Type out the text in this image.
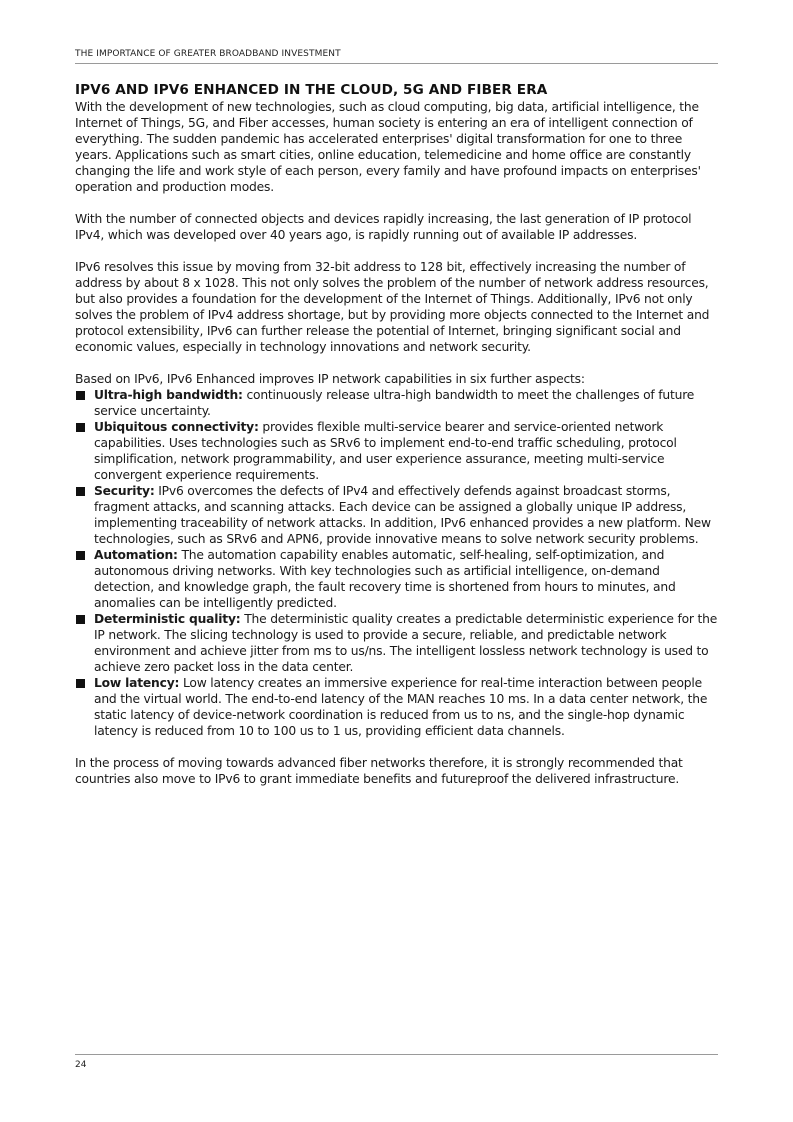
THE IMPORTANCE OF GREATER BROADBAND INVESTMENT
IPV6 AND IPV6 ENHANCED IN THE CLOUD, 5G AND FIBER ERA

With the development of new technologies, such as cloud computing, big data, artificial intelligence, the Internet of Things, 5G, and Fiber accesses, human society is entering an era of intelligent connection of everything. The sudden pandemic has accelerated enterprises' digital transformation for one to three years. Applications such as smart cities, online education, telemedicine and home office are constantly changing the life and work style of each person, every family and have profound impacts on enterprises' operation and production modes.

With the number of connected objects and devices rapidly increasing, the last generation of IP protocol IPv4, which was developed over 40 years ago, is rapidly running out of available IP addresses.

IPv6 resolves this issue by moving from 32-bit address to 128 bit, effectively increasing the number of address by about 8 x 1028. This not only solves the problem of the number of network address resources, but also provides a foundation for the development of the Internet of Things. Additionally, IPv6 not only solves the problem of IPv4 address shortage, but by providing more objects connected to the Internet and protocol extensibility, IPv6 can further release the potential of Internet, bringing significant social and economic values, especially in technology innovations and network security.

Based on IPv6, IPv6 Enhanced improves IP network capabilities in six further aspects:

Ultra-high bandwidth: continuously release ultra-high bandwidth to meet the challenges of future service uncertainty.
Ubiquitous connectivity: provides flexible multi-service bearer and service-oriented network capabilities. Uses technologies such as SRv6 to implement end-to-end traffic scheduling, protocol simplification, network programmability, and user experience assurance, meeting multi-service convergent experience requirements.
Security: IPv6 overcomes the defects of IPv4 and effectively defends against broadcast storms, fragment attacks, and scanning attacks. Each device can be assigned a globally unique IP address, implementing traceability of network attacks. In addition, IPv6 enhanced provides a new platform. New technologies, such as SRv6 and APN6, provide innovative means to solve network security problems.
Automation: The automation capability enables automatic, self-healing, self-optimization, and autonomous driving networks. With key technologies such as artificial intelligence, on-demand detection, and knowledge graph, the fault recovery time is shortened from hours to minutes, and anomalies can be intelligently predicted.
Deterministic quality: The deterministic quality creates a predictable deterministic experience for the IP network. The slicing technology is used to provide a secure, reliable, and predictable network environment and achieve jitter from ms to us/ns. The intelligent lossless network technology is used to achieve zero packet loss in the data center.
Low latency: Low latency creates an immersive experience for real-time interaction between people and the virtual world. The end-to-end latency of the MAN reaches 10 ms. In a data center network, the static latency of device-network coordination is reduced from us to ns, and the single-hop dynamic latency is reduced from 10 to 100 us to 1 us, providing efficient data channels.

In the process of moving towards advanced fiber networks therefore, it is strongly recommended that countries also move to IPv6 to grant immediate benefits and futureproof the delivered infrastructure.

24
